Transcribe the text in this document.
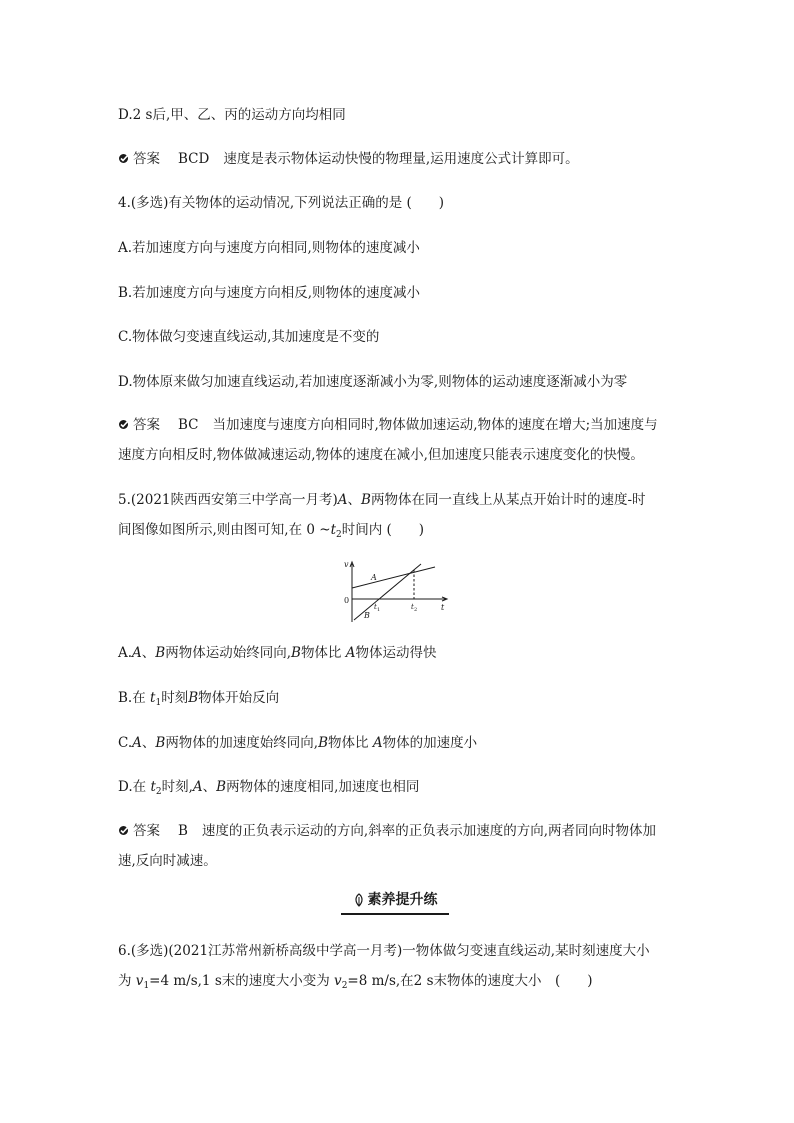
D.2 s后,甲、乙、丙的运动方向均相同
答案 BCD 速度是表示物体运动快慢的物理量,运用速度公式计算即可。
4.(多选)有关物体的运动情况,下列说法正确的是 (　　)
A.若加速度方向与速度方向相同,则物体的速度减小
B.若加速度方向与速度方向相反,则物体的速度减小
C.物体做匀变速直线运动,其加速度是不变的
D.物体原来做匀加速直线运动,若加速度逐渐减小为零,则物体的运动速度逐渐减小为零
答案 BC 当加速度与速度方向相同时,物体做加速运动,物体的速度在增大;当加速度与
速度方向相反时,物体做减速运动,物体的速度在减小,但加速度只能表示速度变化的快慢。
5.(2021陕西西安第三中学高一月考)A、B两物体在同一直线上从某点开始计时的速度-时
间图像如图所示,则由图可知,在 0 $\sim t_2$时间内 (　　)
v
t
A
B
t 1	t 2
0
A.A、B两物体运动始终同向,B物体比 A物体运动得快
B.在 $t_1$时刻B物体开始反向
C.A、B两物体的加速度始终同向,B物体比 A物体的加速度小
D.在 $t_2$时刻,A、B两物体的速度相同,加速度也相同
答案 B 速度的正负表示运动的方向,斜率的正负表示加速度的方向,两者同向时物体加
速,反向时减速。
素养提升练
6.(多选)(2021江苏常州新桥高级中学高一月考)一物体做匀变速直线运动,某时刻速度大小
为 $v_1=4$ m/s,1 s末的速度大小变为 $v_2=8$ m/s,在2 s末物体的速度大小　(　　)
